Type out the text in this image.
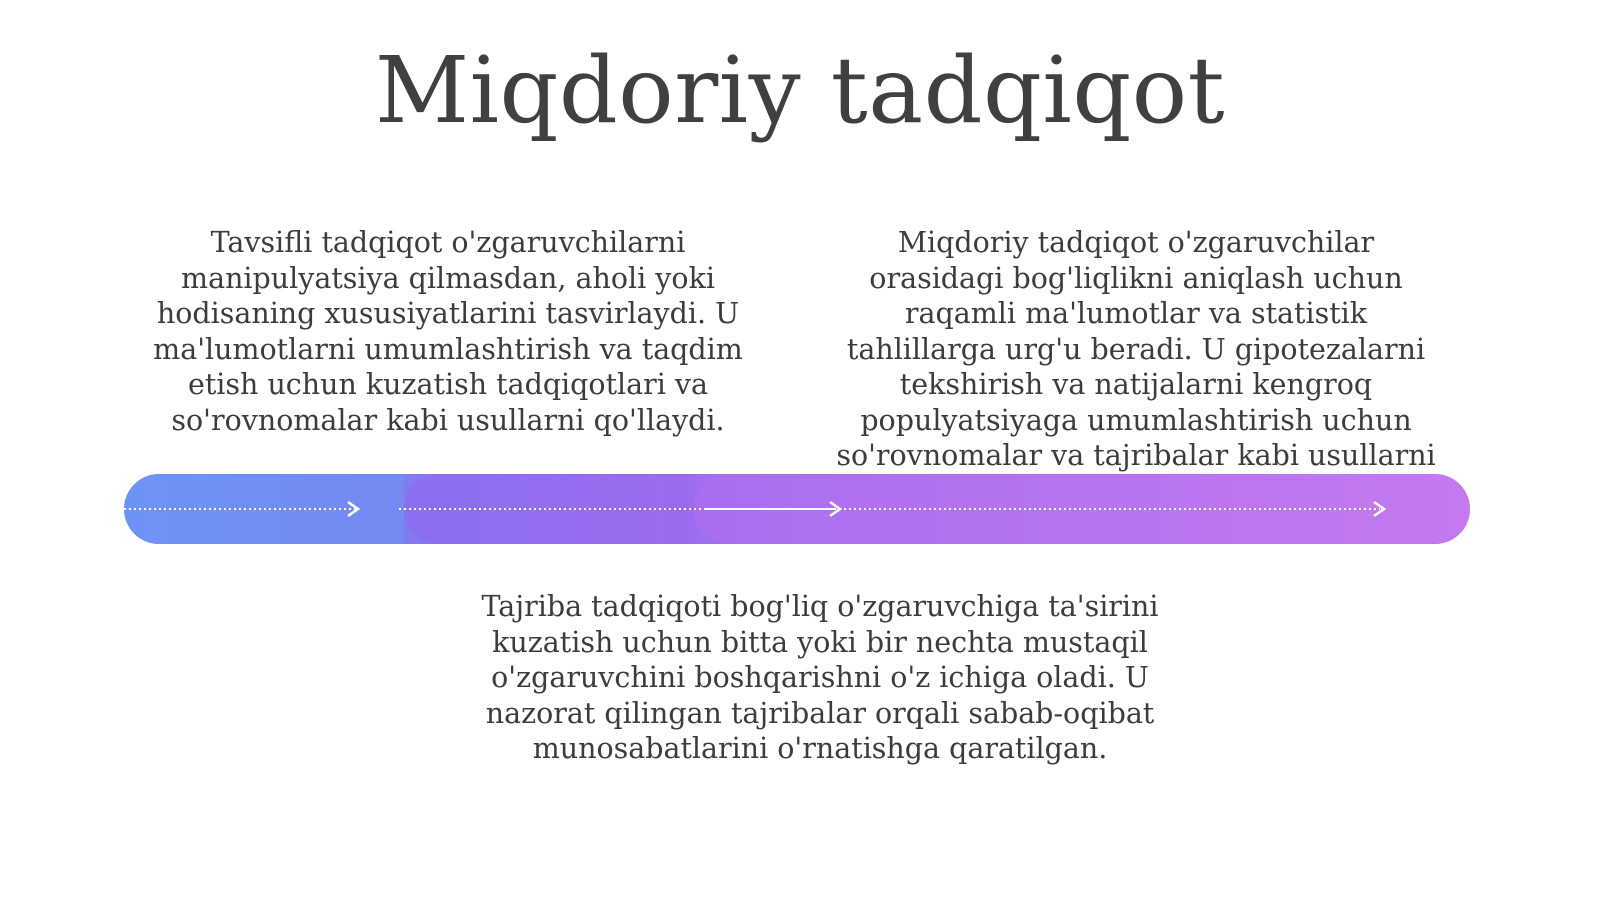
Miqdoriy tadqiqot

Tavsifli tadqiqot o'zgaruvchilarni manipulyatsiya qilmasdan, aholi yoki hodisaning xususiyatlarini tasvirlaydi. U ma'lumotlarni umumlashtirish va taqdim etish uchun kuzatish tadqiqotlari va so'rovnomalar kabi usullarni qo'llaydi.

Miqdoriy tadqiqot o'zgaruvchilar orasidagi bog'liqlikni aniqlash uchun raqamli ma'lumotlar va statistik tahlillarga urg'u beradi. U gipotezalarni tekshirish va natijalarni kengroq populyatsiyaga umumlashtirish uchun so'rovnomalar va tajribalar kabi usullarni

Tajriba tadqiqoti bog'liq o'zgaruvchiga ta'sirini kuzatish uchun bitta yoki bir nechta mustaqil o'zgaruvchini boshqarishni o'z ichiga oladi. U nazorat qilingan tajribalar orqali sabab-oqibat munosabatlarini o'rnatishga qaratilgan.
